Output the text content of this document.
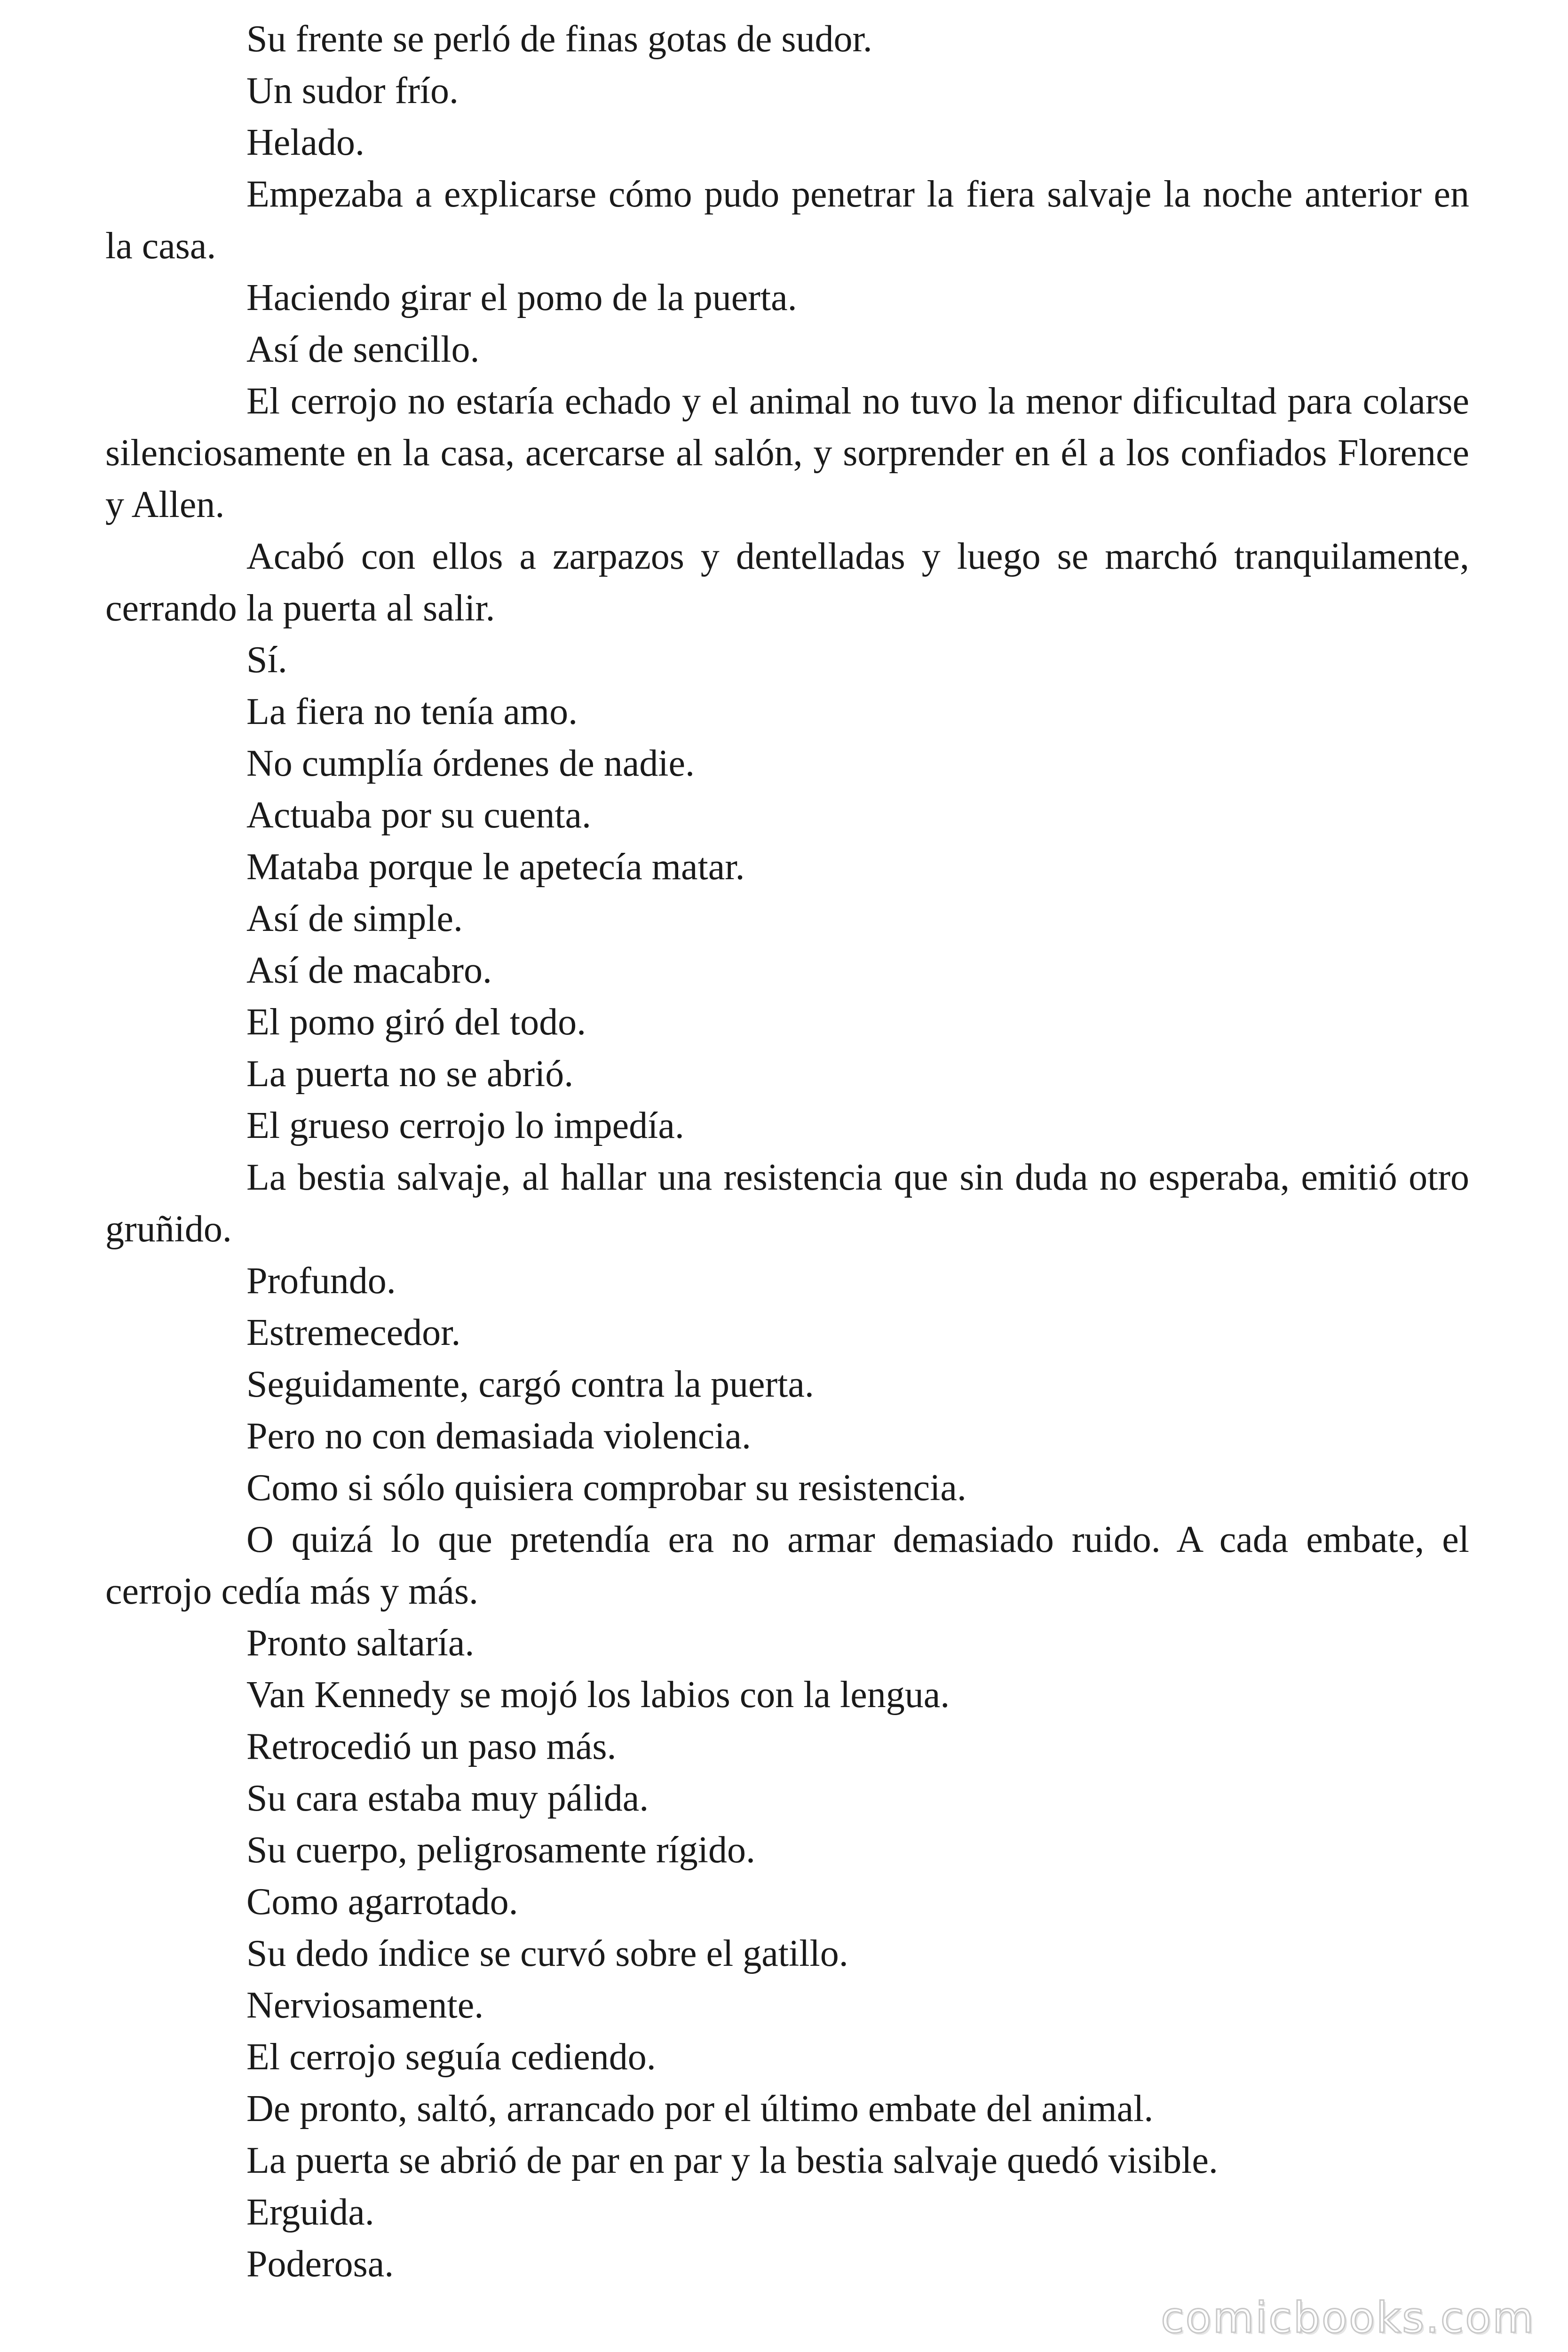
Su frente se perló de finas gotas de sudor.

Un sudor frío.

Helado.

Empezaba a explicarse cómo pudo penetrar la fiera salvaje la noche anterior en la casa.

Haciendo girar el pomo de la puerta.

Así de sencillo.

El cerrojo no estaría echado y el animal no tuvo la menor dificultad para colarse silenciosamente en la casa, acercarse al salón, y sorprender en él a los confiados Florence y Allen.

Acabó con ellos a zarpazos y dentelladas y luego se marchó tranquilamente, cerrando la puerta al salir.

Sí.

La fiera no tenía amo.

No cumplía órdenes de nadie.

Actuaba por su cuenta.

Mataba porque le apetecía matar.

Así de simple.

Así de macabro.

El pomo giró del todo.

La puerta no se abrió.

El grueso cerrojo lo impedía.

La bestia salvaje, al hallar una resistencia que sin duda no esperaba, emitió otro gruñido.

Profundo.

Estremecedor.

Seguidamente, cargó contra la puerta.

Pero no con demasiada violencia.

Como si sólo quisiera comprobar su resistencia.

O quizá lo que pretendía era no armar demasiado ruido. A cada embate, el cerrojo cedía más y más.

Pronto saltaría.

Van Kennedy se mojó los labios con la lengua.

Retrocedió un paso más.

Su cara estaba muy pálida.

Su cuerpo, peligrosamente rígido.

Como agarrotado.

Su dedo índice se curvó sobre el gatillo.

Nerviosamente.

El cerrojo seguía cediendo.

De pronto, saltó, arrancado por el último embate del animal.

La puerta se abrió de par en par y la bestia salvaje quedó visible.

Erguida.

Poderosa.

comicbooks.com
